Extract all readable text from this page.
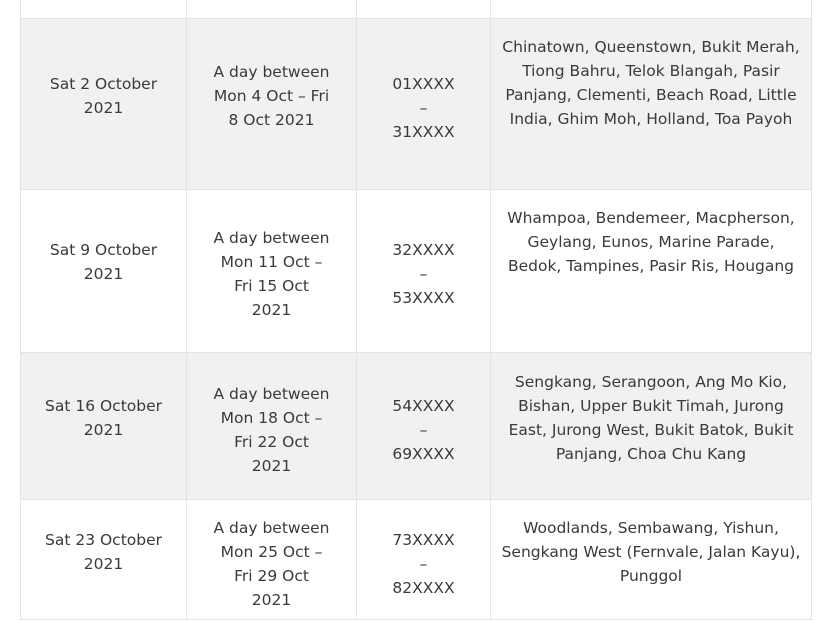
Sat 2 October 2021	A day between Mon 4 Oct – Fri 8 Oct 2021	01XXXX – 31XXXX	Chinatown, Queenstown, Bukit Merah, Tiong Bahru, Telok Blangah, Pasir Panjang, Clementi, Beach Road, Little India, Ghim Moh, Holland, Toa Payoh

Sat 9 October 2021	A day between Mon 11 Oct – Fri 15 Oct 2021	32XXXX – 53XXXX	Whampoa, Bendemeer, Macpherson, Geylang, Eunos, Marine Parade, Bedok, Tampines, Pasir Ris, Hougang

Sat 16 October 2021	A day between Mon 18 Oct – Fri 22 Oct 2021	54XXXX – 69XXXX	Sengkang, Serangoon, Ang Mo Kio, Bishan, Upper Bukit Timah, Jurong East, Jurong West, Bukit Batok, Bukit Panjang, Choa Chu Kang

Sat 23 October 2021	A day between Mon 25 Oct – Fri 29 Oct 2021	73XXXX – 82XXXX	Woodlands, Sembawang, Yishun, Sengkang West (Fernvale, Jalan Kayu), Punggol
